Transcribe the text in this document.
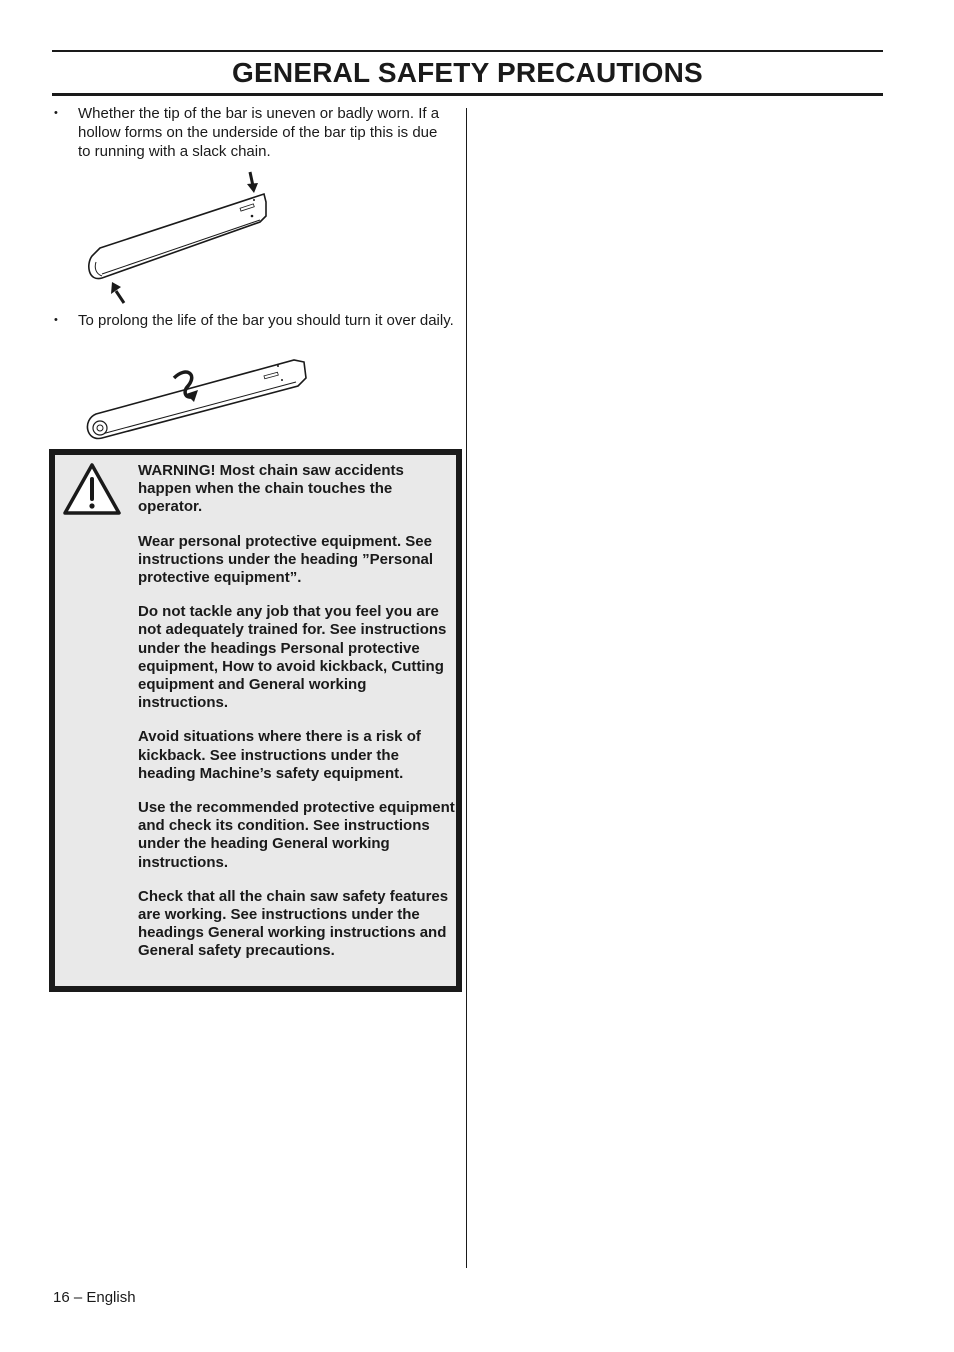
GENERAL SAFETY PRECAUTIONS
• Whether the tip of the bar is uneven or badly worn. If a hollow forms on the underside of the bar tip this is due to running with a slack chain.
• To prolong the life of the bar you should turn it over daily.

WARNING! Most chain saw accidents happen when the chain touches the operator.

Wear personal protective equipment. See instructions under the heading ”Personal protective equipment”.

Do not tackle any job that you feel you are not adequately trained for. See instructions under the headings Personal protective equipment, How to avoid kickback, Cutting equipment and General working instructions.

Avoid situations where there is a risk of kickback. See instructions under the heading Machine’s safety equipment.

Use the recommended protective equipment and check its condition. See instructions under the heading General working instructions.

Check that all the chain saw safety features are working. See instructions under the headings General working instructions and General safety precautions.

16 – English
